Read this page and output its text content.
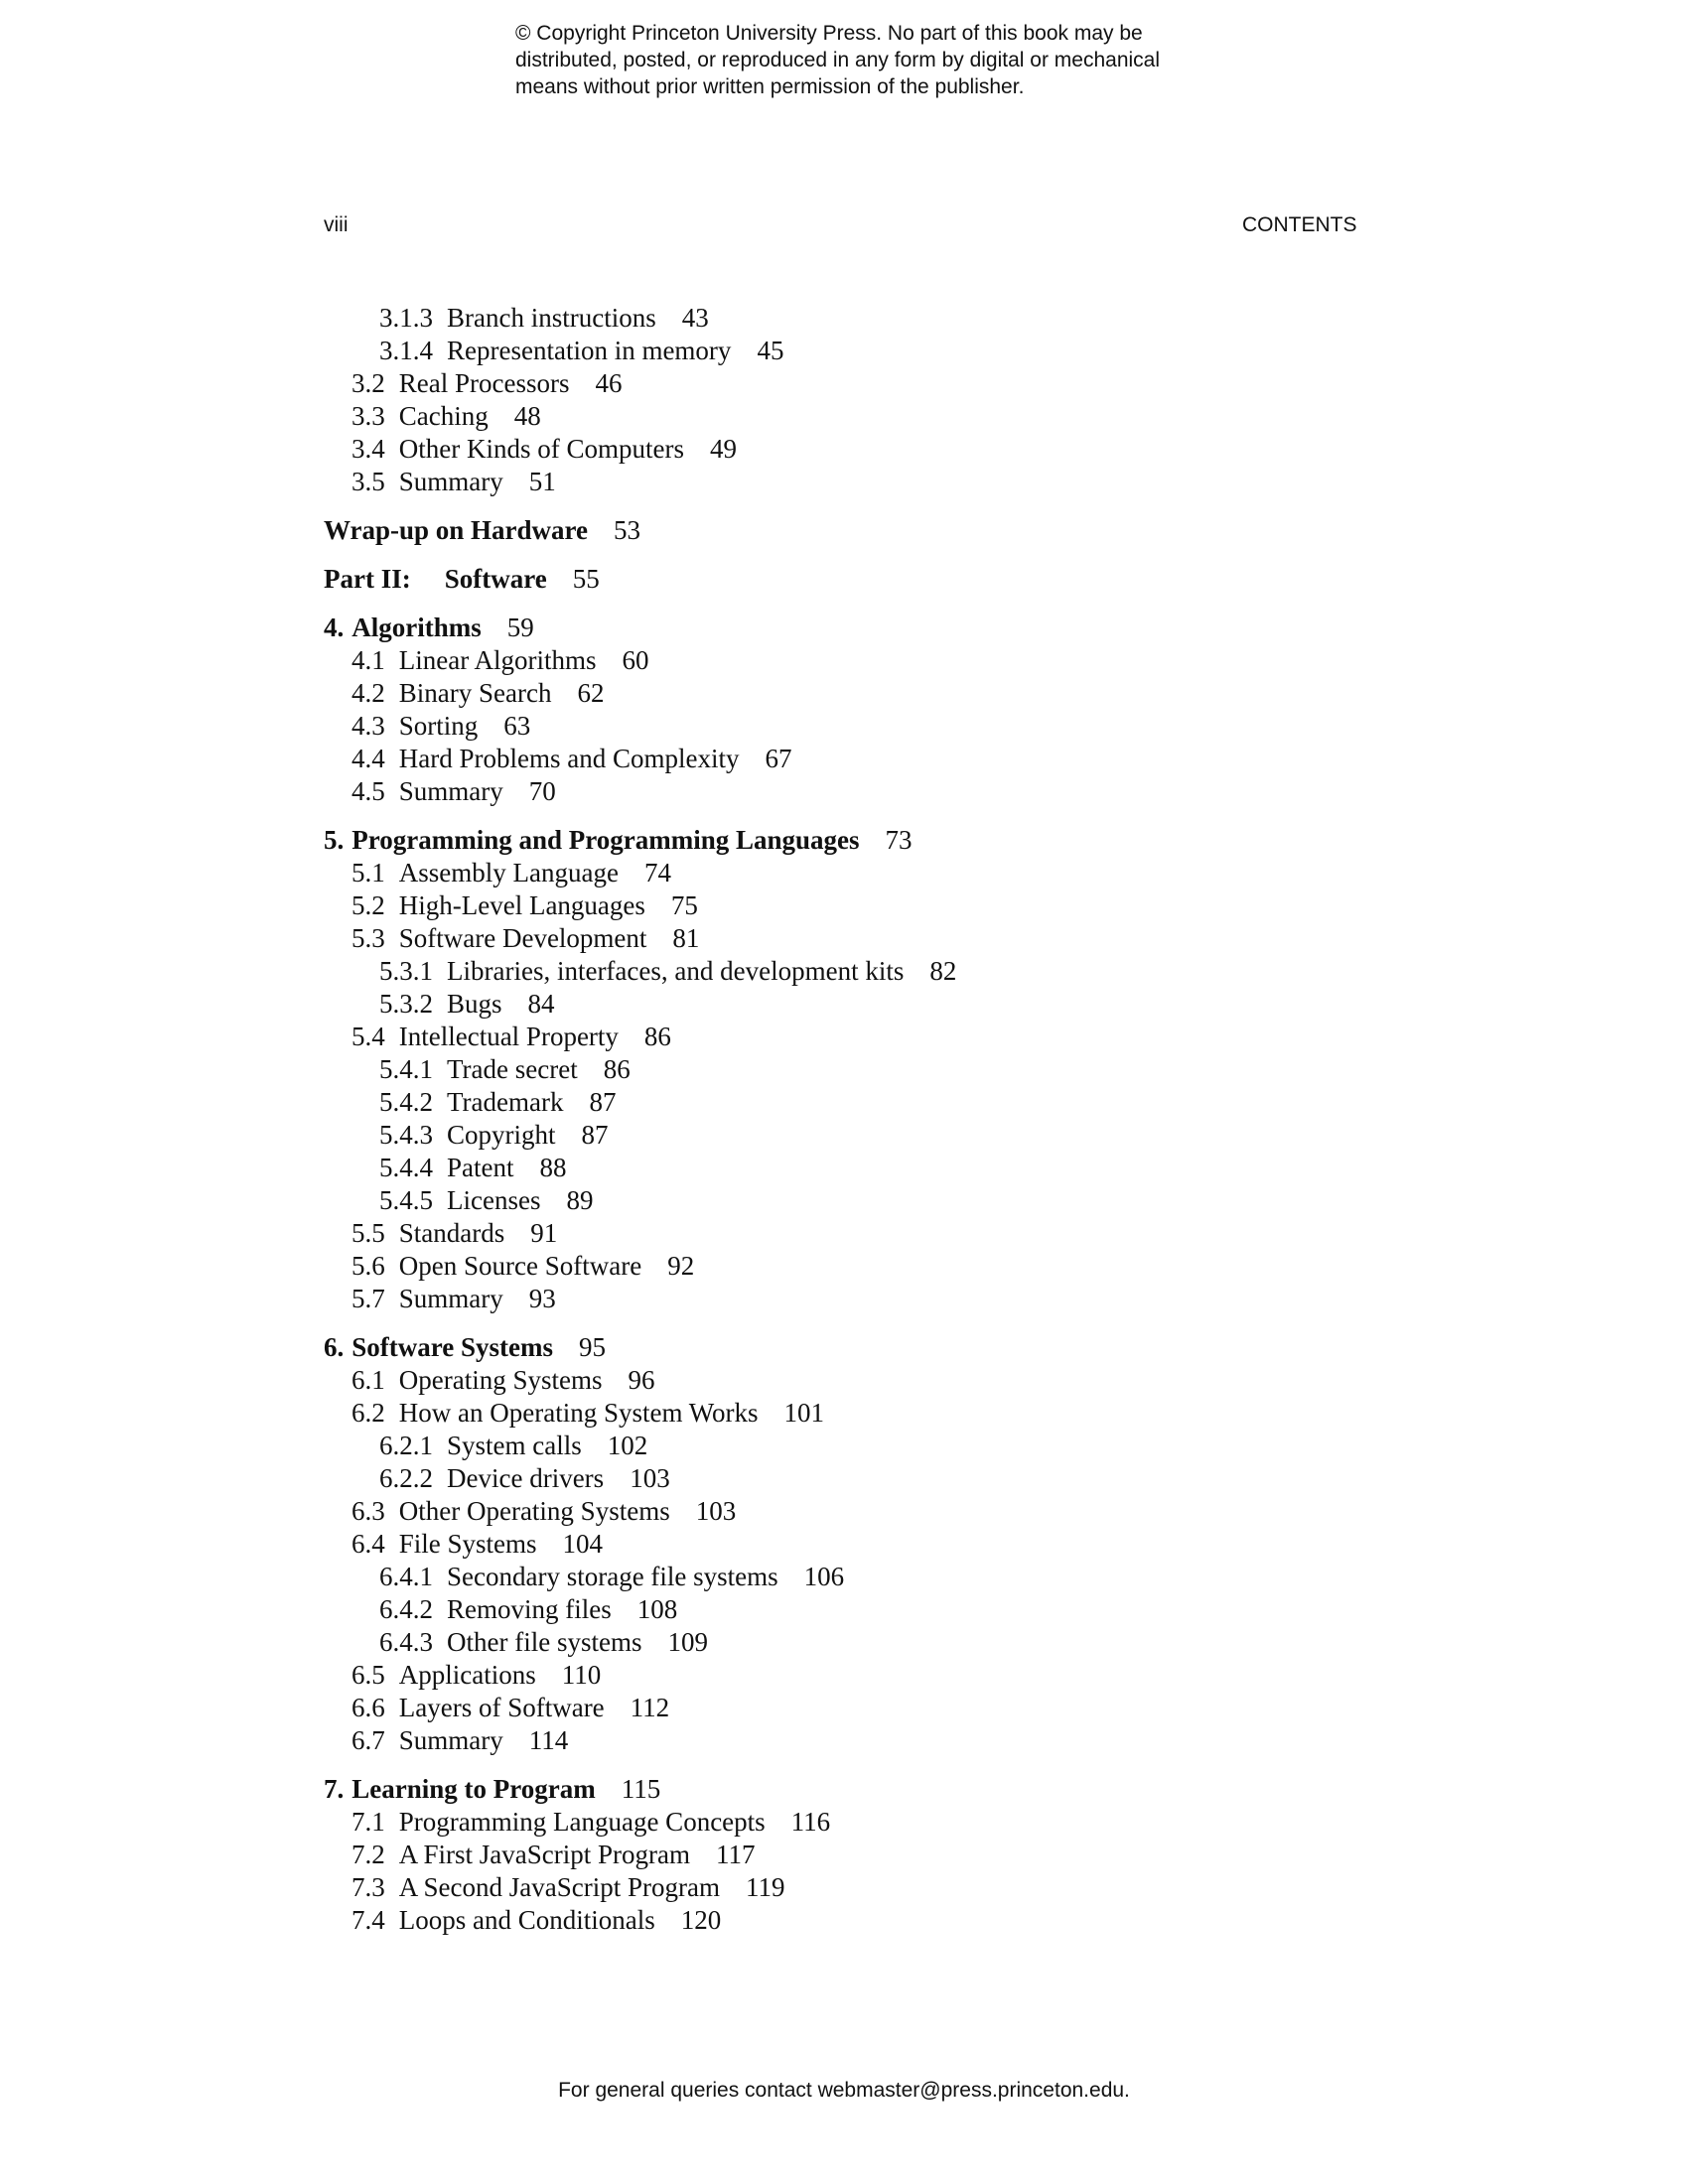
© Copyright Princeton University Press. No part of this book may be
distributed, posted, or reproduced in any form by digital or mechanical
means without prior written permission of the publisher.

viii	CONTENTS

3.1.3 Branch instructions 43
3.1.4 Representation in memory 45
3.2 Real Processors 46
3.3 Caching 48
3.4 Other Kinds of Computers 49
3.5 Summary 51
Wrap-up on Hardware 53
Part II: Software 55
4. Algorithms 59
4.1 Linear Algorithms 60
4.2 Binary Search 62
4.3 Sorting 63
4.4 Hard Problems and Complexity 67
4.5 Summary 70
5. Programming and Programming Languages 73
5.1 Assembly Language 74
5.2 High-Level Languages 75
5.3 Software Development 81
5.3.1 Libraries, interfaces, and development kits 82
5.3.2 Bugs 84
5.4 Intellectual Property 86
5.4.1 Trade secret 86
5.4.2 Trademark 87
5.4.3 Copyright 87
5.4.4 Patent 88
5.4.5 Licenses 89
5.5 Standards 91
5.6 Open Source Software 92
5.7 Summary 93
6. Software Systems 95
6.1 Operating Systems 96
6.2 How an Operating System Works 101
6.2.1 System calls 102
6.2.2 Device drivers 103
6.3 Other Operating Systems 103
6.4 File Systems 104
6.4.1 Secondary storage file systems 106
6.4.2 Removing files 108
6.4.3 Other file systems 109
6.5 Applications 110
6.6 Layers of Software 112
6.7 Summary 114
7. Learning to Program 115
7.1 Programming Language Concepts 116
7.2 A First JavaScript Program 117
7.3 A Second JavaScript Program 119
7.4 Loops and Conditionals 120

For general queries contact webmaster@press.princeton.edu.
